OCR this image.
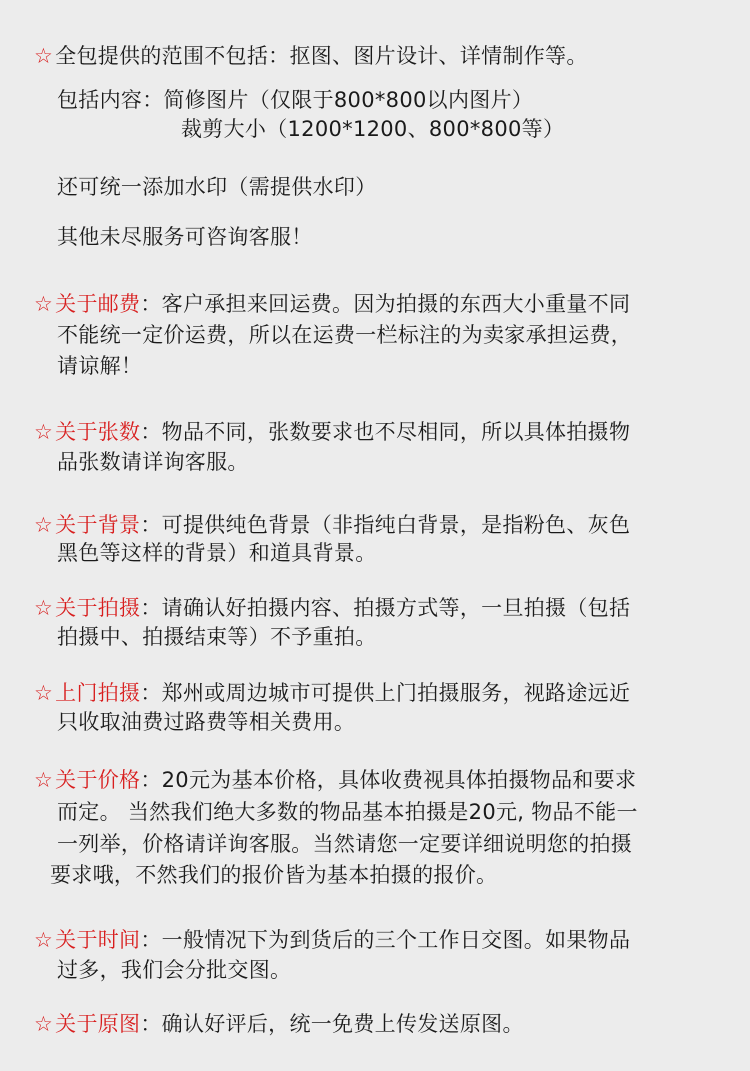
☆全包提供的范围不包括：抠图、图片设计、详情制作等。
包括内容：简修图片（仅限于800*800以内图片）
裁剪大小（1200*1200、800*800等）
还可统一添加水印（需提供水印）
其他未尽服务可咨询客服！
☆关于邮费：客户承担来回运费。因为拍摄的东西大小重量不同
不能统一定价运费，所以在运费一栏标注的为卖家承担运费，
请谅解！
☆关于张数：物品不同，张数要求也不尽相同，所以具体拍摄物
品张数请详询客服。
☆关于背景：可提供纯色背景（非指纯白背景，是指粉色、灰色
黑色等这样的背景）和道具背景。
☆关于拍摄：请确认好拍摄内容、拍摄方式等，一旦拍摄（包括
拍摄中、拍摄结束等）不予重拍。
☆上门拍摄：郑州或周边城市可提供上门拍摄服务，视路途远近
只收取油费过路费等相关费用。
☆关于价格：20元为基本价格，具体收费视具体拍摄物品和要求
而定。 当然我们绝大多数的物品基本拍摄是20元, 物品不能一
一列举，价格请详询客服。当然请您一定要详细说明您的拍摄
要求哦，不然我们的报价皆为基本拍摄的报价。
☆关于时间：一般情况下为到货后的三个工作日交图。如果物品
过多，我们会分批交图。
☆关于原图：确认好评后，统一免费上传发送原图。
